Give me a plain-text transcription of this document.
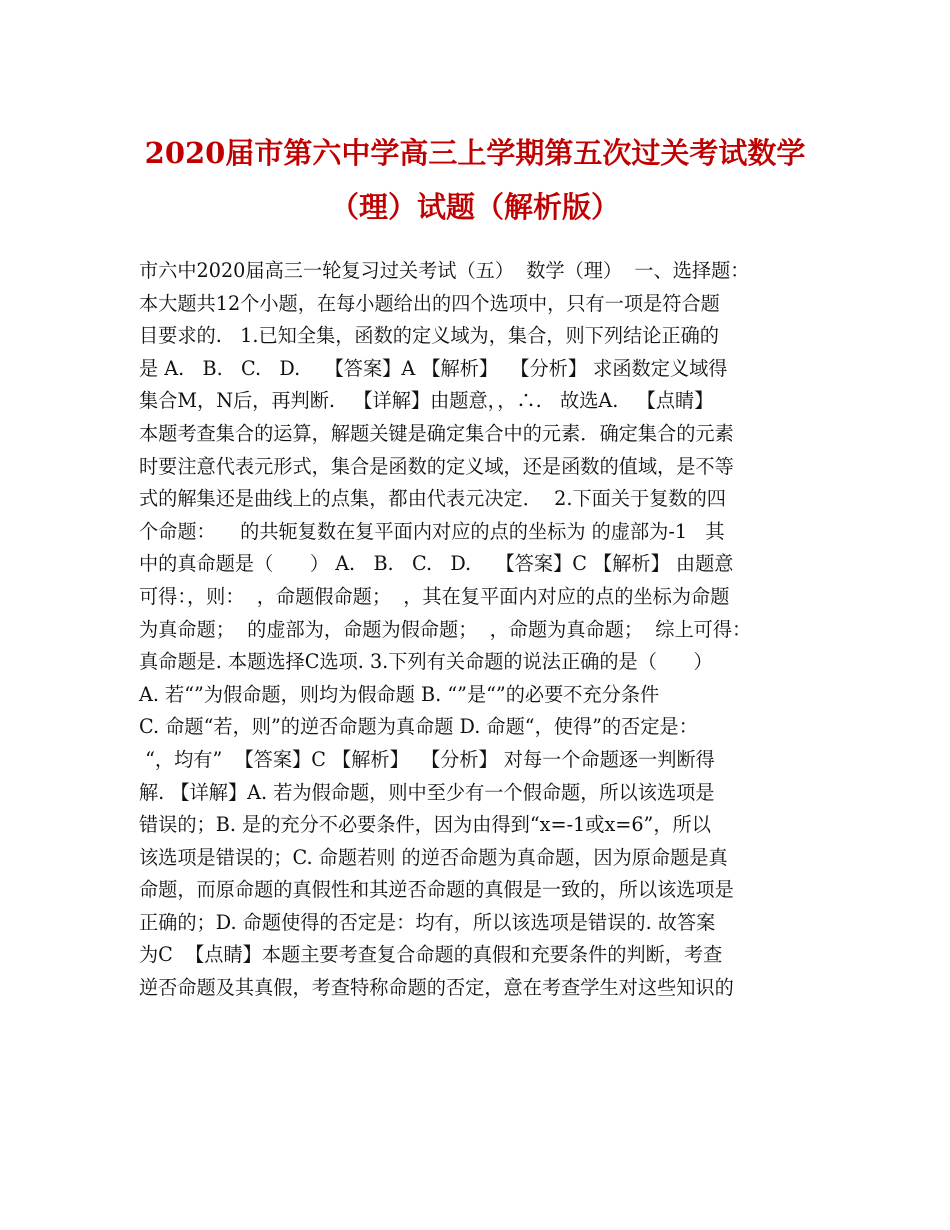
2020届市第六中学高三上学期第五次过关考试数学
（理）试题（解析版）
市六中2020届高三一轮复习过关考试（五）  数学（理）  一、选择题：
本大题共12个小题，在每小题给出的四个选项中，只有一项是符合题
目要求的.   1.已知全集，函数的定义域为，集合，则下列结论正确的
是 A.   B.   C.   D.    【答案】A 【解析】  【分析】 求函数定义域得
集合M，N后，再判断.   【详解】由题意，，∴.   故选A.   【点睛】
本题考查集合的运算，解题关键是确定集合中的元素．确定集合的元素
时要注意代表元形式，集合是函数的定义域，还是函数的值域，是不等
式的解集还是曲线上的点集，都由代表元决定．  2.下面关于复数的四
个命题：    的共轭复数在复平面内对应的点的坐标为 的虚部为-1   其
中的真命题是（      ） A.   B.   C.   D.    【答案】C 【解析】 由题意
可得：，则：  ，命题假命题；  ，其在复平面内对应的点的坐标为命题
为真命题；  的虚部为，命题为假命题；  ，命题为真命题；  综上可得：
真命题是. 本题选择C选项. 3.下列有关命题的说法正确的是（      ）
A. 若“”为假命题，则均为假命题 B. “”是“”的必要不充分条件
C. 命题“若，则”的逆否命题为真命题 D. 命题“，使得”的否定是：
“，均有”  【答案】C 【解析】  【分析】 对每一个命题逐一判断得
解. 【详解】A. 若为假命题，则中至少有一个假命题，所以该选项是
错误的；B. 是的充分不必要条件，因为由得到“x=-1或x=6”，所以
该选项是错误的；C. 命题若则 的逆否命题为真命题，因为原命题是真
命题，而原命题的真假性和其逆否命题的真假是一致的，所以该选项是
正确的；D. 命题使得的否定是：均有，所以该选项是错误的. 故答案
为C  【点睛】本题主要考查复合命题的真假和充要条件的判断，考查
逆否命题及其真假，考查特称命题的否定，意在考查学生对这些知识的
